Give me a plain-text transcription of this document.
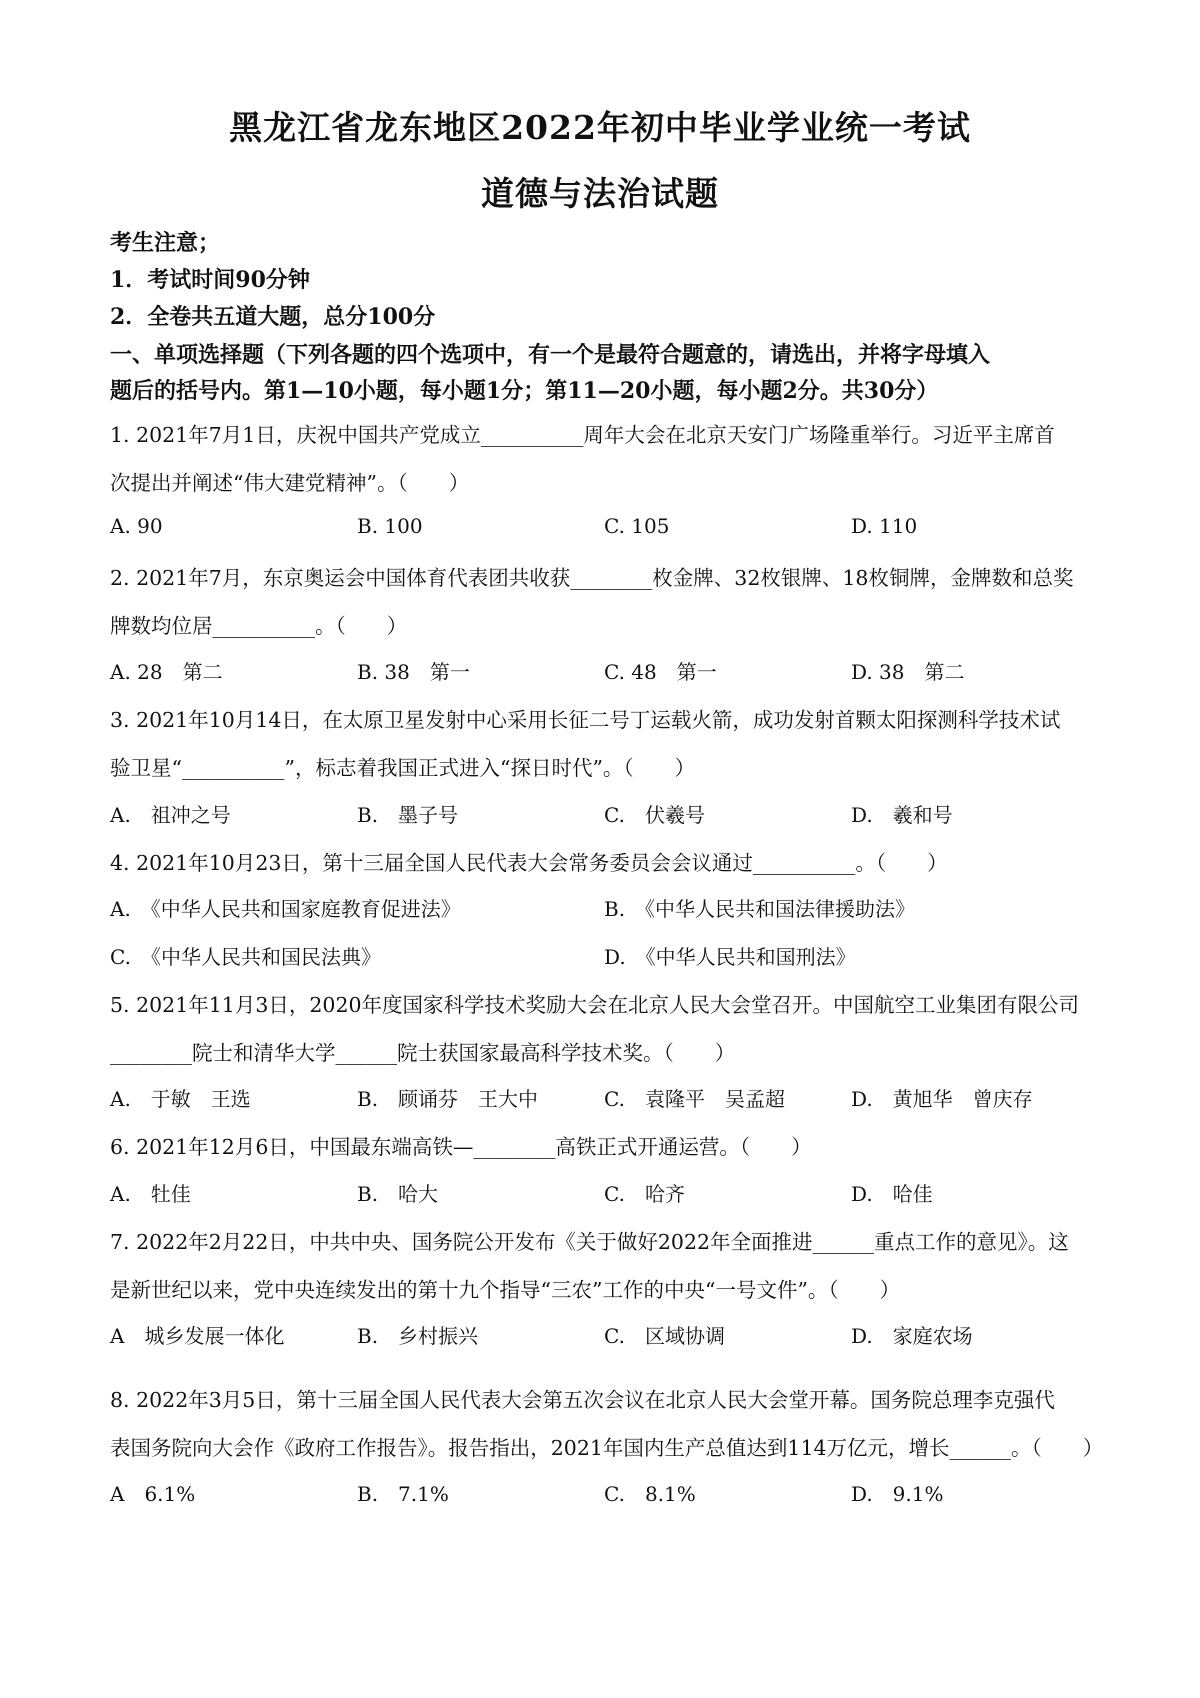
黑龙江省龙东地区2022年初中毕业学业统一考试
道德与法治试题
考生注意；
1．考试时间90分钟
2．全卷共五道大题，总分100分
一、单项选择题（下列各题的四个选项中，有一个是最符合题意的，请选出，并将字母填入
题后的括号内。第1—10小题，每小题1分；第11—20小题，每小题2分。共30分）
1. 2021年7月1日，庆祝中国共产党成立__________周年大会在北京天安门广场隆重举行。习近平主席首
次提出并阐述“伟大建党精神”。（　　）
A. 90	B. 100	C. 105	D. 110
2. 2021年7月，东京奥运会中国体育代表团共收获________枚金牌、32枚银牌、18枚铜牌，金牌数和总奖
牌数均位居__________。（　　）
A. 28　第二	B. 38　第一	C. 48　第一	D. 38　第二
3. 2021年10月14日，在太原卫星发射中心采用长征二号丁运载火箭，成功发射首颗太阳探测科学技术试
验卫星“__________”，标志着我国正式进入“探日时代”。（　　）
A.　祖冲之号	B.　墨子号	C.　伏羲号	D.　羲和号
4. 2021年10月23日，第十三届全国人民代表大会常务委员会会议通过__________。（　　）
A.　《中华人民共和国家庭教育促进法》	B.　《中华人民共和国法律援助法》
C.　《中华人民共和国民法典》	D.　《中华人民共和国刑法》
5. 2021年11月3日，2020年度国家科学技术奖励大会在北京人民大会堂召开。中国航空工业集团有限公司
________院士和清华大学______院士获国家最高科学技术奖。（　　）
A.　于敏　王选	B.　顾诵芬　王大中	C.　袁隆平　吴孟超	D.　黄旭华　曾庆存
6. 2021年12月6日，中国最东端高铁—________高铁正式开通运营。（　　）
A.　牡佳	B.　哈大	C.　哈齐	D.　哈佳
7. 2022年2月22日，中共中央、国务院公开发布《关于做好2022年全面推进______重点工作的意见》。这
是新世纪以来，党中央连续发出的第十九个指导“三农”工作的中央“一号文件”。（　　）
A　城乡发展一体化	B.　乡村振兴	C.　区域协调	D.　家庭农场
8. 2022年3月5日，第十三届全国人民代表大会第五次会议在北京人民大会堂开幕。国务院总理李克强代
表国务院向大会作《政府工作报告》。报告指出，2021年国内生产总值达到114万亿元，增长______。（　　）
A　6.1%	B.　7.1%	C.　8.1%	D.　9.1%
